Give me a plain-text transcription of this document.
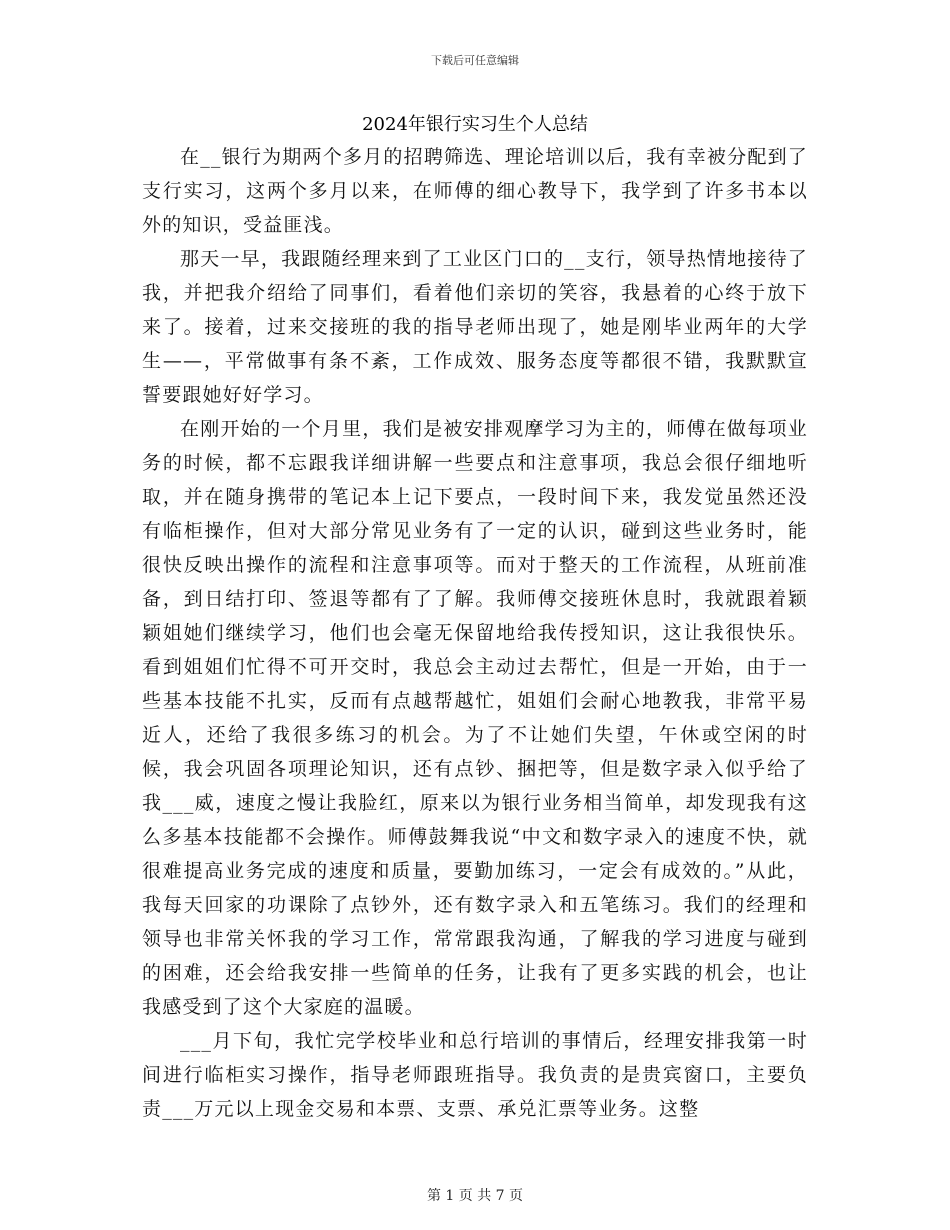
下载后可任意编辑
2024年银行实习生个人总结

在__银行为期两个多月的招聘筛选、理论培训以后，我有幸被分配到了支行实习，这两个多月以来，在师傅的细心教导下，我学到了许多书本以外的知识，受益匪浅。

那天一早，我跟随经理来到了工业区门口的__支行，领导热情地接待了我，并把我介绍给了同事们，看着他们亲切的笑容，我悬着的心终于放下来了。接着，过来交接班的我的指导老师出现了，她是刚毕业两年的大学生——，平常做事有条不紊，工作成效、服务态度等都很不错，我默默宣誓要跟她好好学习。

在刚开始的一个月里，我们是被安排观摩学习为主的，师傅在做每项业务的时候，都不忘跟我详细讲解一些要点和注意事项，我总会很仔细地听取，并在随身携带的笔记本上记下要点，一段时间下来，我发觉虽然还没有临柜操作，但对大部分常见业务有了一定的认识，碰到这些业务时，能很快反映出操作的流程和注意事项等。而对于整天的工作流程，从班前准备，到日结打印、签退等都有了了解。我师傅交接班休息时，我就跟着颖颖姐她们继续学习，他们也会毫无保留地给我传授知识，这让我很快乐。看到姐姐们忙得不可开交时，我总会主动过去帮忙，但是一开始，由于一些基本技能不扎实，反而有点越帮越忙，姐姐们会耐心地教我，非常平易近人，还给了我很多练习的机会。为了不让她们失望，午休或空闲的时候，我会巩固各项理论知识，还有点钞、捆把等，但是数字录入似乎给了我___威，速度之慢让我脸红，原来以为银行业务相当简单，却发现我有这么多基本技能都不会操作。师傅鼓舞我说“中文和数字录入的速度不快，就很难提高业务完成的速度和质量，要勤加练习，一定会有成效的。”从此，我每天回家的功课除了点钞外，还有数字录入和五笔练习。我们的经理和领导也非常关怀我的学习工作，常常跟我沟通，了解我的学习进度与碰到的困难，还会给我安排一些简单的任务，让我有了更多实践的机会，也让我感受到了这个大家庭的温暖。

___月下旬，我忙完学校毕业和总行培训的事情后，经理安排我第一时间进行临柜实习操作，指导老师跟班指导。我负责的是贵宾窗口，主要负责___万元以上现金交易和本票、支票、承兑汇票等业务。这整

第 1 页 共 7 页
